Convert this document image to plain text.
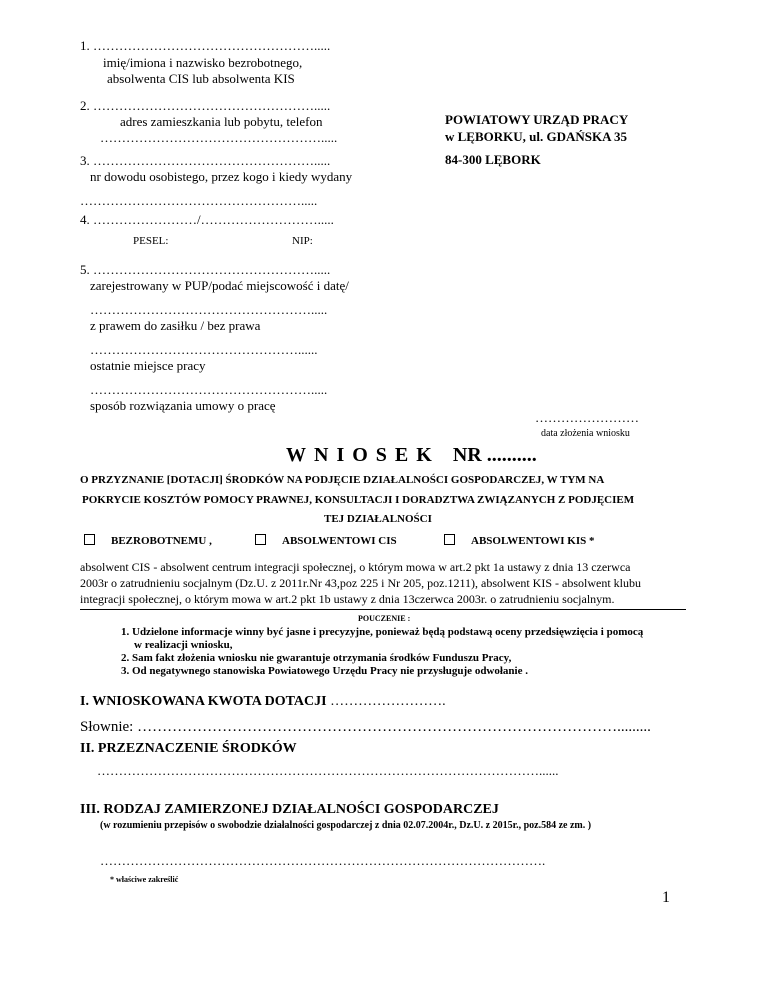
1. …………………………………………….....
imię/imiona i nazwisko bezrobotnego,
absolwenta CIS lub absolwenta KIS
2. …………………………………………….....
adres zamieszkania lub pobytu, telefon
…………………………………………….....
3. …………………………………………….....
nr dowodu osobistego, przez kogo i kiedy wydany
…………………………………………….....
4. ……………………/……………………….....
PESEL:	NIP:
5. …………………………………………….....
zarejestrowany w PUP/podać miejscowość i datę/
…………………………………………….....
z prawem do zasiłku / bez prawa
…………………………………………......
ostatnie miejsce pracy
…………………………………………….....
sposób rozwiązania umowy o pracę
POWIATOWY URZĄD PRACY
w LĘBORKU, ul. GDAŃSKA 35
84-300 LĘBORK
……………………
data złożenia wniosku
WNIOSEK NR ..........
O PRZYZNANIE [DOTACJI] ŚRODKÓW NA PODJĘCIE DZIAŁALNOŚCI GOSPODARCZEJ, W TYM NA
POKRYCIE KOSZTÓW POMOCY PRAWNEJ, KONSULTACJI I DORADZTWA ZWIĄZANYCH Z PODJĘCIEM
TEJ DZIAŁALNOŚCI
BEZROBOTNEMU ,	ABSOLWENTOWI CIS	ABSOLWENTOWI KIS *
absolwent CIS - absolwent centrum integracji społecznej, o którym mowa w art.2 pkt 1a ustawy z dnia 13 czerwca
2003r o zatrudnieniu socjalnym (Dz.U. z 2011r.Nr 43,poz 225 i Nr 205, poz.1211), absolwent KIS - absolwent klubu
integracji społecznej, o którym mowa w art.2 pkt 1b ustawy z dnia 13czerwca 2003r. o zatrudnieniu socjalnym.
POUCZENIE :
1. Udzielone informacje winny być jasne i precyzyjne, ponieważ będą podstawą oceny przedsięwzięcia i pomocą
w realizacji wniosku,
2. Sam fakt złożenia wniosku nie gwarantuje otrzymania środków Funduszu Pracy,
3. Od negatywnego stanowiska Powiatowego Urzędu Pracy nie przysługuje odwołanie .
I. WNIOSKOWANA KWOTA DOTACJI …………………….
Słownie: …………………………………………………………………………………….........
II. PRZEZNACZENIE ŚRODKÓW
…………………………………………………………………………………………......
III. RODZAJ ZAMIERZONEJ DZIAŁALNOŚCI GOSPODARCZEJ
(w rozumieniu przepisów o swobodzie działalności gospodarczej z dnia 02.07.2004r., Dz.U. z 2015r., poz.584 ze zm. )
………………………………………………………………………………………….
* właściwe zakreślić
1
